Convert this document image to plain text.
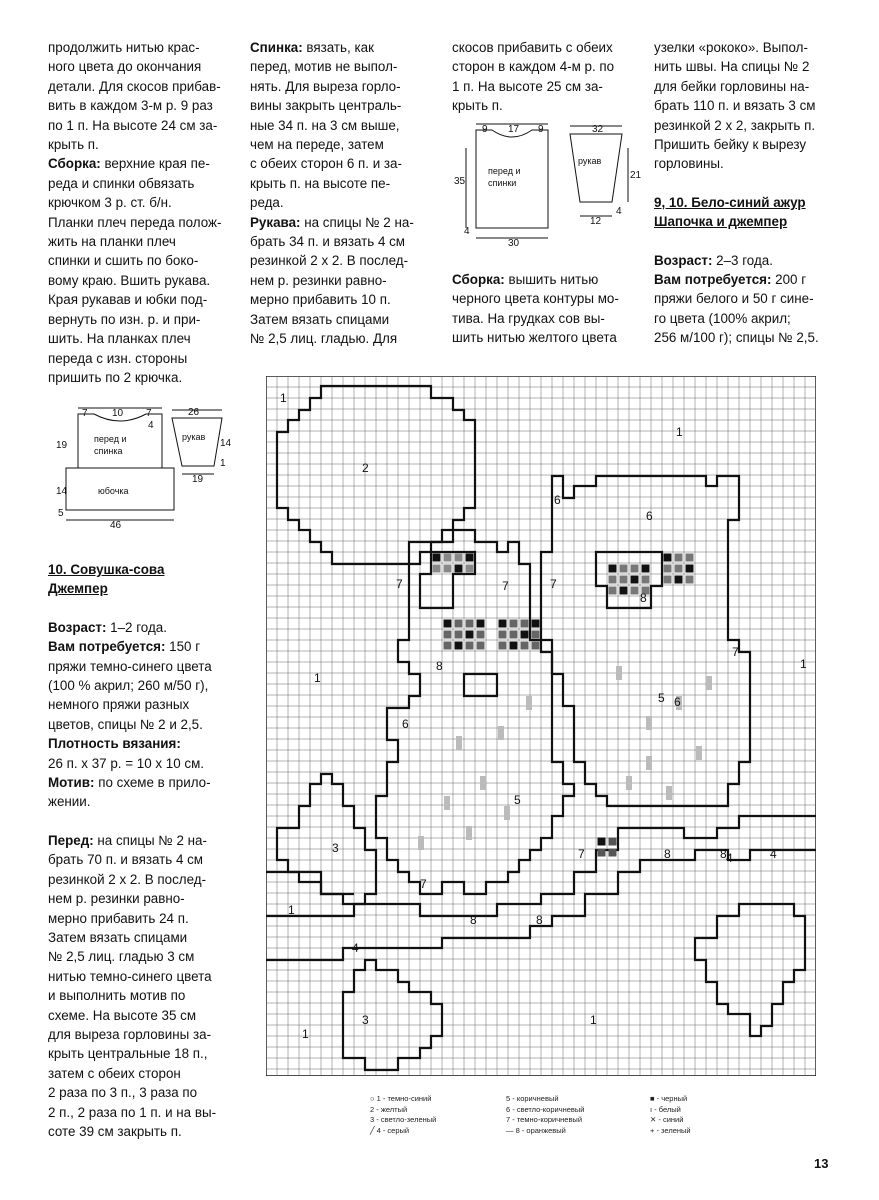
продолжить нитью крас-
ного цвета до окончания
детали. Для скосов прибав-
вить в каждом 3-м р. 9 раз
по 1 п. На высоте 24 см за-
крыть п.

Сборка: верхние края пе-
реда и спинки обвязать
крючком 3 р. ст. б/н.
Планки плеч переда полож-
жить на планки плеч
спинки и сшить по боко-
вому краю. Вшить рукава.
Края рукавав и юбки под-
вернуть по изн. р. и при-
шить. На планках плеч
переда с изн. стороны
пришить по 2 крючка.

Спинка: вязать, как
перед, мотив не выпол-
нять. Для выреза горло-
вины закрыть централь-
ные 34 п. на 3 см выше,
чем на переде, затем
с обеих сторон 6 п. и за-
крыть п. на высоте пе-
реда.

Рукава: на спицы № 2 на-
брать 34 п. и вязать 4 см
резинкой 2 х 2. В послед-
нем р. резинки равно-
мерно прибавить 10 п.
Затем вязать спицами
№ 2,5 лиц. гладью. Для

скосов прибавить с обеих
сторон в каждом 4-м р. по
1 п. На высоте 25 см за-
крыть п.

Сборка: вышить нитью
черного цвета контуры мо-
тива. На грудках сов вы-
шить нитью желтого цвета

узелки «рококо». Выпол-
нить швы. На спицы № 2
для бейки горловины на-
брать 110 п. и вязать 3 см
резинкой 2 х 2, закрыть п.
Пришить бейку к вырезу
горловины.
9, 10. Бело-синий ажур
Шапочка и джемпер

Возраст: 2–3 года.

Вам потребуется: 200 г
пряжи белого и 50 г сине-
го цвета (100% акрил;
256 м/100 г); спицы № 2,5.

10. Совушка-сова
Джемпер

Возраст: 1–2 года.

Вам потребуется: 150 г
пряжи темно-синего цвета
(100 % акрил; 260 м/50 г),
немного пряжи разных
цветов, спицы № 2 и 2,5.

Плотность вязания:

26 п. х 37 р. = 10 х 10 см.

Мотив: по схеме в прило-
жении.

Перед: на спицы № 2 на-
брать 70 п. и вязать 4 см
резинкой 2 х 2. В послед-
нем р. резинки равно-
мерно прибавить 24 п.
Затем вязать спицами
№ 2,5 лиц. гладью 3 см
нитью темно-синего цвета
и выполнить мотив по
схеме. На высоте 35 см
для выреза горловины за-
крыть центральные 18 п.,
затем с обеих сторон
2 раза по 3 п., 3 раза по
2 п., 2 раза по 1 п. и на вы-
соте 39 см закрыть п.

9 17 9	32
35
30
4
21
12
4
перед и
спинки
рукав
7 10 7
4
19
14
5
46
26
14
19
1
перед и
спинка
юбочка
рукав
1
1
2
6
6
7	7
8
8
7
7
1
6
5
5
1
3
6
7
8
8
4
4
1
8
3	1
1
4
7
8
○ 1 - темно-синий
2 - желтый
3 - светло-зеленый
╱ 4 - серый
5 - коричневый
6 - светло-коричневый
7 - темно-коричневый
— 8 - оранжевый
■ - черный
ı - белый
✕ - синий
+ - зеленый
13
